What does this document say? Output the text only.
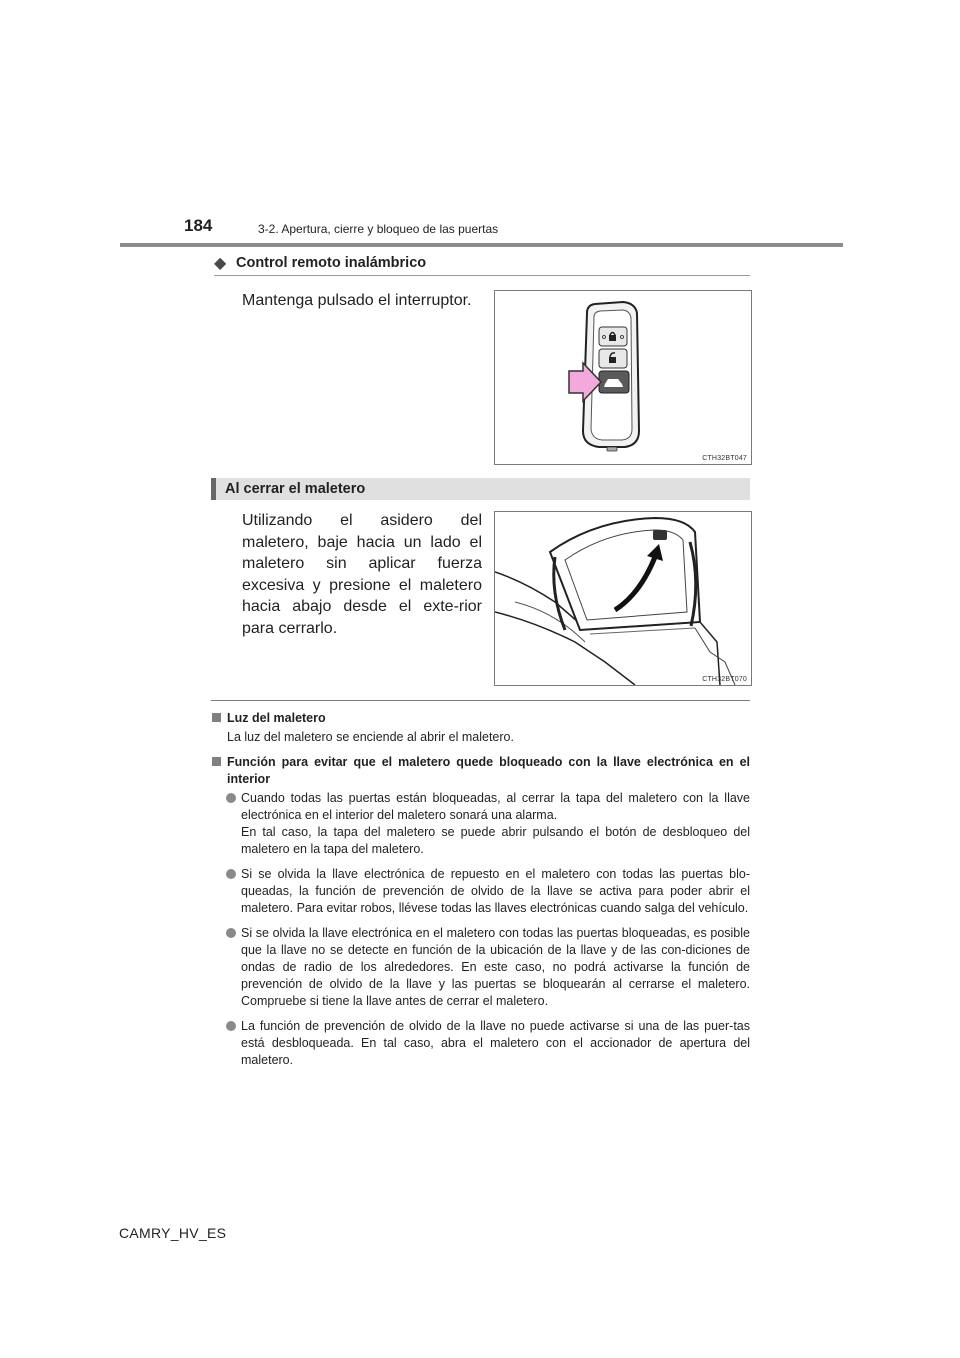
184	3-2. Apertura, cierre y bloqueo de las puertas
◆ Control remoto inalámbrico
Mantenga pulsado el interruptor.
CTH32BT047
Al cerrar el maletero
Utilizando el asidero del maletero, baje hacia un lado el maletero sin aplicar fuerza excesiva y presione el maletero hacia abajo desde el exte-rior para cerrarlo.
CTH32BT070
Luz del maletero
La luz del maletero se enciende al abrir el maletero.
Función para evitar que el maletero quede bloqueado con la llave electrónica en el interior

Cuando todas las puertas están bloqueadas, al cerrar la tapa del maletero con la llave electrónica en el interior del maletero sonará una alarma.

En tal caso, la tapa del maletero se puede abrir pulsando el botón de desbloqueo del maletero en la tapa del maletero.

Si se olvida la llave electrónica de repuesto en el maletero con todas las puertas blo-queadas, la función de prevención de olvido de la llave se activa para poder abrir el maletero. Para evitar robos, llévese todas las llaves electrónicas cuando salga del vehículo.

Si se olvida la llave electrónica en el maletero con todas las puertas bloqueadas, es posible que la llave no se detecte en función de la ubicación de la llave y de las con-diciones de ondas de radio de los alrededores. En este caso, no podrá activarse la función de prevención de olvido de la llave y las puertas se bloquearán al cerrarse el maletero. Compruebe si tiene la llave antes de cerrar el maletero.

La función de prevención de olvido de la llave no puede activarse si una de las puer-tas está desbloqueada. En tal caso, abra el maletero con el accionador de apertura del maletero.

CAMRY_HV_ES
